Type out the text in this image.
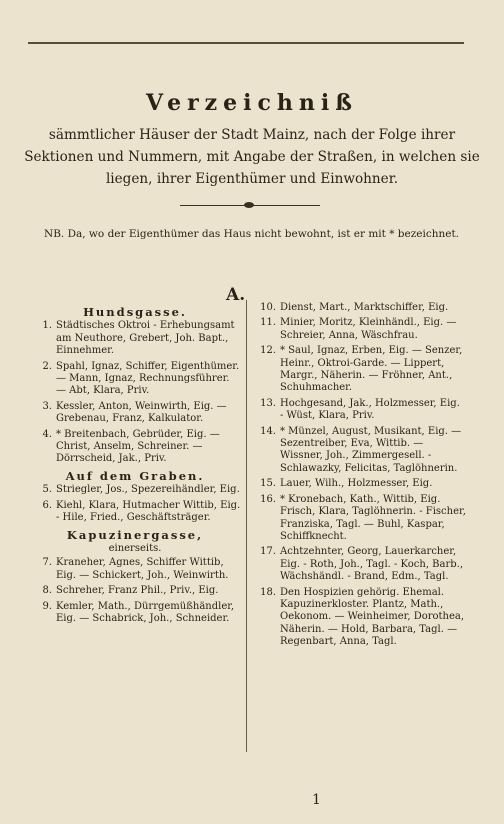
Verzeichniß
sämmtlicher Häuser der Stadt Mainz, nach der Folge ihrer Sektionen und Nummern, mit Angabe der Straßen, in welchen sie liegen, ihrer Eigenthümer und Einwohner.
NB. Da, wo der Eigenthümer das Haus nicht bewohnt, ist er mit * bezeichnet.
A.
Hundsgasse.
1. Städtisches Oktroi - Erhebungsamt am Neuthore, Grebert, Joh. Bapt., Einnehmer.
2. Spahl, Ignaz, Schiffer, Eigenthümer. — Mann, Ignaz, Rechnungsführer. — Abt, Klara, Priv.
3. Kessler, Anton, Weinwirth, Eig. — Grebenau, Franz, Kalkulator.
4. * Breitenbach, Gebrüder, Eig. — Christ, Anselm, Schreiner. — Dörrscheid, Jak., Priv.
Auf dem Graben.
5. Striegler, Jos., Spezereihändler, Eig.
6. Kiehl, Klara, Hutmacher Wittib, Eig. - Hile, Fried., Geschäftsträger.
Kapuzinergasse,
einerseits.
7. Kraneher, Agnes, Schiffer Wittib, Eig. — Schickert, Joh., Weinwirth.
8. Schreher, Franz Phil., Priv., Eig.
9. Kemler, Math., Dürrgemüßhändler, Eig. — Schabrick, Joh., Schneider.
10. Dienst, Mart., Marktschiffer, Eig.
11. Minier, Moritz, Kleinhändl., Eig. — Schreier, Anna, Wäschfrau.
12. * Saul, Ignaz, Erben, Eig. — Senzer, Heinr., Oktroi-Garde. — Lippert, Margr., Näherin. — Fröhner, Ant., Schuhmacher.
13. Hochgesand, Jak., Holzmesser, Eig. - Wüst, Klara, Priv.
14. * Münzel, August, Musikant, Eig. — Sezentreiber, Eva, Wittib. — Wissner, Joh., Zimmergesell. - Schlawazky, Felicitas, Taglöhnerin.
15. Lauer, Wilh., Holzmesser, Eig.
16. * Kronebach, Kath., Wittib, Eig. Frisch, Klara, Taglöhnerin. - Fischer, Franziska, Tagl. — Buhl, Kaspar, Schiffknecht.
17. Achtzehnter, Georg, Lauerkarcher, Eig. - Roth, Joh., Tagl. - Koch, Barb., Wächshändl. - Brand, Edm., Tagl.
18. Den Hospizien gehörig. Ehemal. Kapuzinerkloster. Plantz, Math., Oekonom. — Weinheimer, Dorothea, Näherin. — Hold, Barbara, Tagl. — Regenbart, Anna, Tagl.
1
